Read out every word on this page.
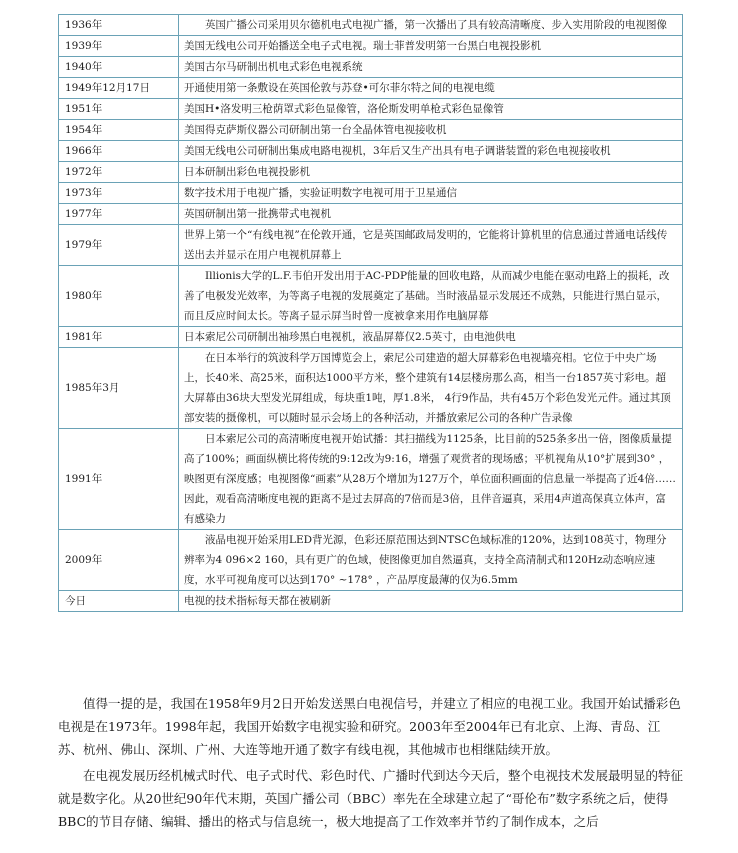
1936年	英国广播公司采用贝尔德机电式电视广播，第一次播出了具有较高清晰度、步入实用阶段的电视图像
1939年	美国无线电公司开始播送全电子式电视。瑞士菲普发明第一台黑白电视投影机
1940年	美国古尔马研制出机电式彩色电视系统
1949年12月17日	开通使用第一条敷设在英国伦敦与苏登•可尔菲尔特之间的电视电缆
1951年	美国H•洛发明三枪荫罩式彩色显像管，洛伦斯发明单枪式彩色显像管
1954年	美国得克萨斯仪器公司研制出第一台全晶体管电视接收机
1966年	美国无线电公司研制出集成电路电视机，3年后又生产出具有电子调谐装置的彩色电视接收机
1972年	日本研制出彩色电视投影机
1973年	数字技术用于电视广播，实验证明数字电视可用于卫星通信
1977年	英国研制出第一批携带式电视机
1979年	世界上第一个“有线电视”在伦敦开通，它是英国邮政局发明的，它能将计算机里的信息通过普通电话线传送出去并显示在用户电视机屏幕上
1980年	Illionis大学的L.F.韦伯开发出用于AC-PDP能量的回收电路，从而减少电能在驱动电路上的损耗，改善了电极发光效率，为等离子电视的发展奠定了基础。当时液晶显示发展还不成熟，只能进行黑白显示，而且反应时间太长。等离子显示屏当时曾一度被拿来用作电脑屏幕
1981年	日本索尼公司研制出袖珍黑白电视机，液晶屏幕仅2.5英寸，由电池供电
1985年3月	在日本举行的筑波科学万国博览会上，索尼公司建造的超大屏幕彩色电视墙亮相。它位于中央广场上，长40米、高25米，面积达1000平方米，整个建筑有14层楼房那么高，相当一台1857英寸彩电。超大屏幕由36块大型发光屏组成，每块重1吨，厚1.8米， 4行9作品，共有45万个彩色发光元件。通过其顶部安装的摄像机，可以随时显示会场上的各种活动，并播放索尼公司的各种广告录像
1991年	日本索尼公司的高清晰度电视开始试播：其扫描线为1125条，比目前的525条多出一倍，图像质量提高了100%；画面纵横比将传统的9:12改为9:16，增强了观赏者的现场感；平机视角从10°扩展到30° ，映图更有深度感；电视图像“画素”从28万个增加为127万个，单位面积画面的信息量一举提高了近4倍……因此，观看高清晰度电视的距离不是过去屏高的7倍而是3倍，且伴音逼真，采用4声道高保真立体声，富有感染力
2009年	液晶电视开始采用LED背光源，色彩还原范围达到NTSC色域标准的120%，达到108英寸，物理分辨率为4 096×2 160，具有更广的色域，使图像更加自然逼真，支持全高清制式和120Hz动态响应速度，水平可视角度可以达到170° ~178° ，产品厚度最薄的仅为6.5mm
今日	电视的技术指标每天都在被刷新

值得一提的是，我国在1958年9月2日开始发送黑白电视信号，并建立了相应的电视工业。我国开始试播彩色电视是在1973年。1998年起，我国开始数字电视实验和研究。2003年至2004年已有北京、上海、青岛、江苏、杭州、佛山、深圳、广州、大连等地开通了数字有线电视，其他城市也相继陆续开放。

在电视发展历经机械式时代、电子式时代、彩色时代、广播时代到达今天后，整个电视技术发展最明显的特征就是数字化。从20世纪90年代末期，英国广播公司（BBC）率先在全球建立起了“哥伦布”数字系统之后，使得BBC的节目存储、编辑、播出的格式与信息统一，极大地提高了工作效率并节约了制作成本，之后
